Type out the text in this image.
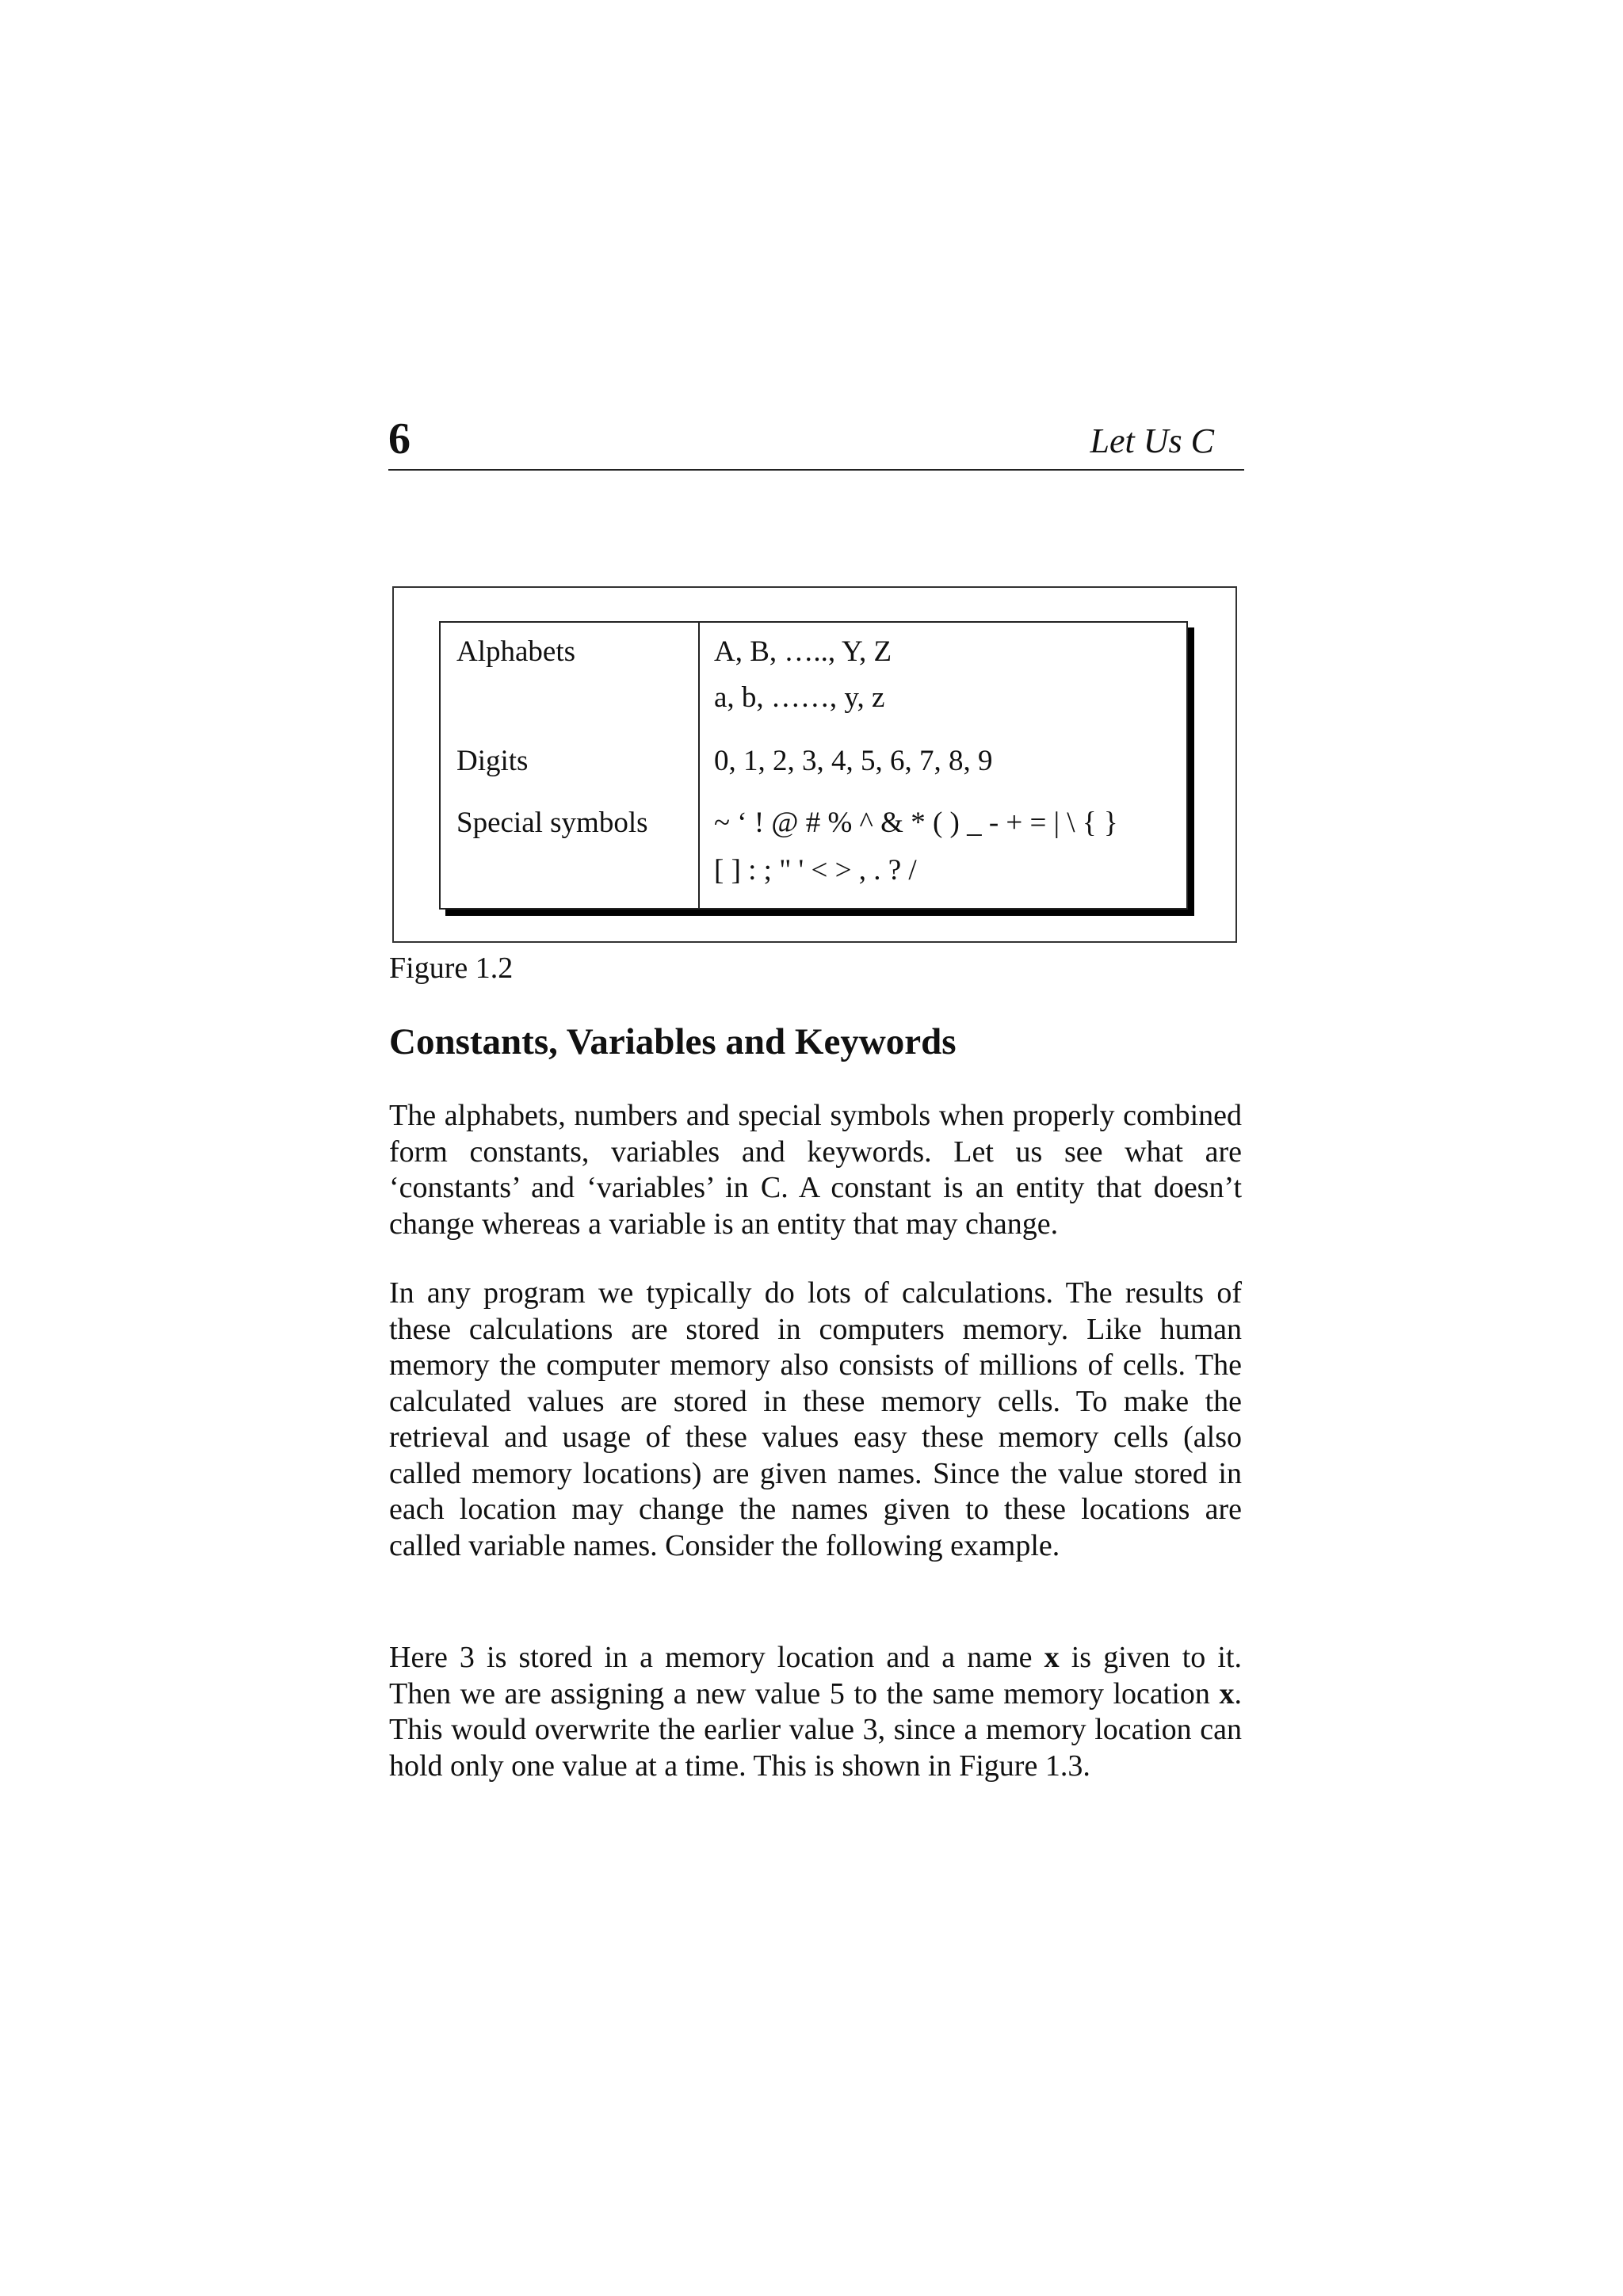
6	Let Us C
Alphabets	A, B, ….., Y, Z
a, b, ……, y, z
Digits	0, 1, 2, 3, 4, 5, 6, 7, 8, 9
Special symbols ~ ‘ ! @ # % ^ & * ( ) _ - + = | \ { }
[ ] : ; " ' < > , . ? /
Figure 1.2
Constants, Variables and Keywords

The alphabets, numbers and special symbols when properly combined form constants, variables and keywords. Let us see what are ‘constants’ and ‘variables’ in C. A constant is an entity that doesn’t change whereas a variable is an entity that may change.

In any program we typically do lots of calculations. The results of these calculations are stored in computers memory. Like human memory the computer memory also consists of millions of cells. The calculated values are stored in these memory cells. To make the retrieval and usage of these values easy these memory cells (also called memory locations) are given names. Since the value stored in each location may change the names given to these locations are called variable names. Consider the following example.

Here 3 is stored in a memory location and a name x is given to it. Then we are assigning a new value 5 to the same memory location x. This would overwrite the earlier value 3, since a memory location can hold only one value at a time. This is shown in Figure 1.3.
